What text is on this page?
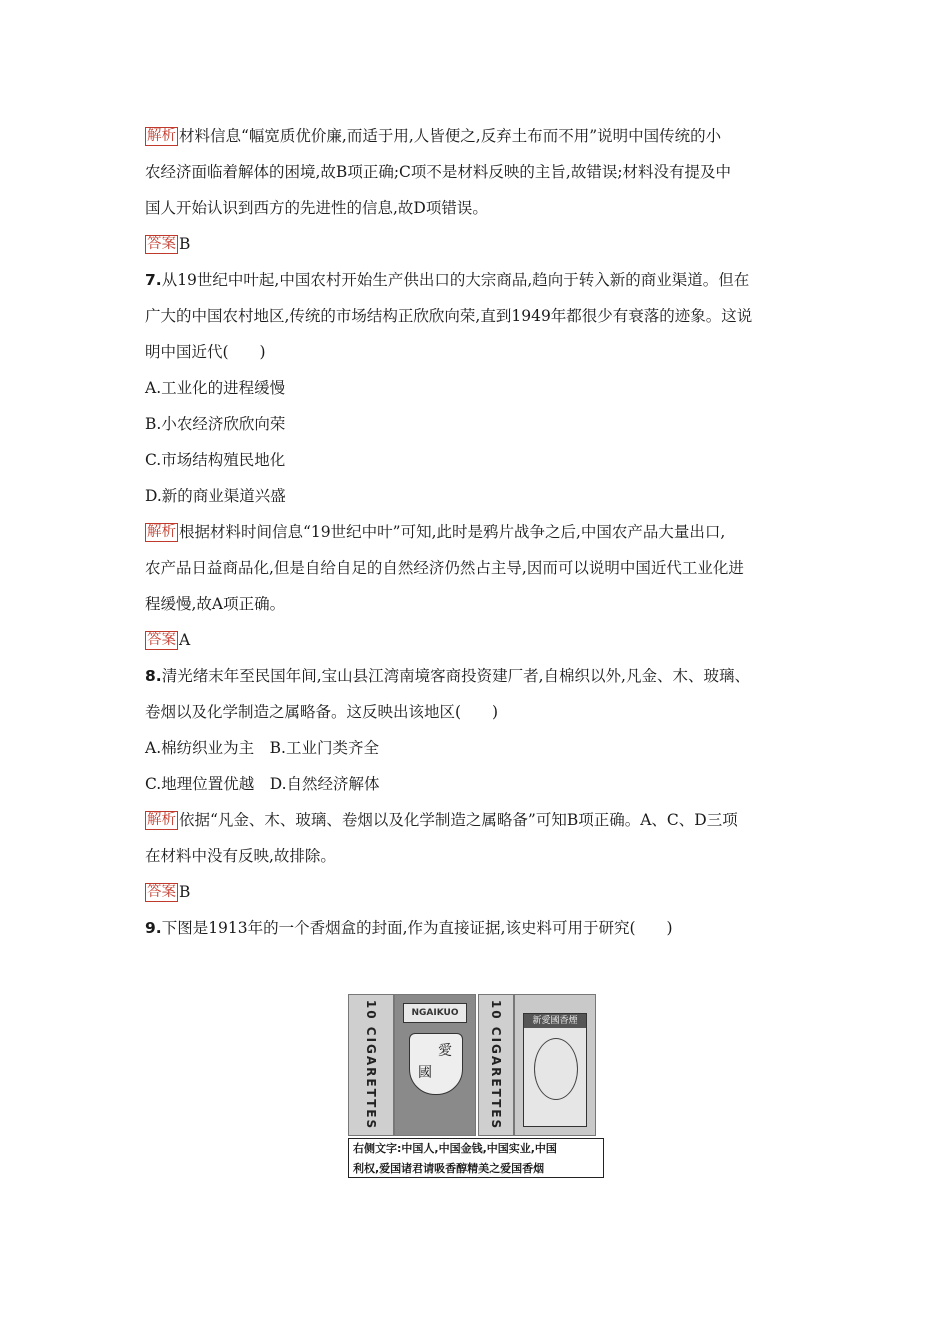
解析 材料信息“幅宽质优价廉,而适于用,人皆便之,反弃土布而不用”说明中国传统的小
农经济面临着解体的困境,故B项正确;C项不是材料反映的主旨,故错误;材料没有提及中
国人开始认识到西方的先进性的信息,故D项错误。
答案 B
7.从19世纪中叶起,中国农村开始生产供出口的大宗商品,趋向于转入新的商业渠道。但在
广大的中国农村地区,传统的市场结构正欣欣向荣,直到1949年都很少有衰落的迹象。这说
明中国近代(　　)
A.工业化的进程缓慢
B.小农经济欣欣向荣
C.市场结构殖民地化
D.新的商业渠道兴盛
解析 根据材料时间信息“19世纪中叶”可知,此时是鸦片战争之后,中国农产品大量出口,
农产品日益商品化,但是自给自足的自然经济仍然占主导,因而可以说明中国近代工业化进
程缓慢,故A项正确。
答案 A
8.清光绪末年至民国年间,宝山县江湾南境客商投资建厂者,自棉织以外,凡金、木、玻璃、
卷烟以及化学制造之属略备。这反映出该地区(　　)
A.棉纺织业为主　B.工业门类齐全
C.地理位置优越　D.自然经济解体
解析 依据“凡金、木、玻璃、卷烟以及化学制造之属略备”可知B项正确。A、C、D三项
在材料中没有反映,故排除。
答案 B
9.下图是1913年的一个香烟盒的封面,作为直接证据,该史料可用于研究(　　)
10 CIGARETTES	NGAIKUO
愛
國	10 CIGARETTES	新愛國香煙
右侧文字:中国人,中国金钱,中国实业,中国
利权,爱国诸君请吸香醇精美之爱国香烟
